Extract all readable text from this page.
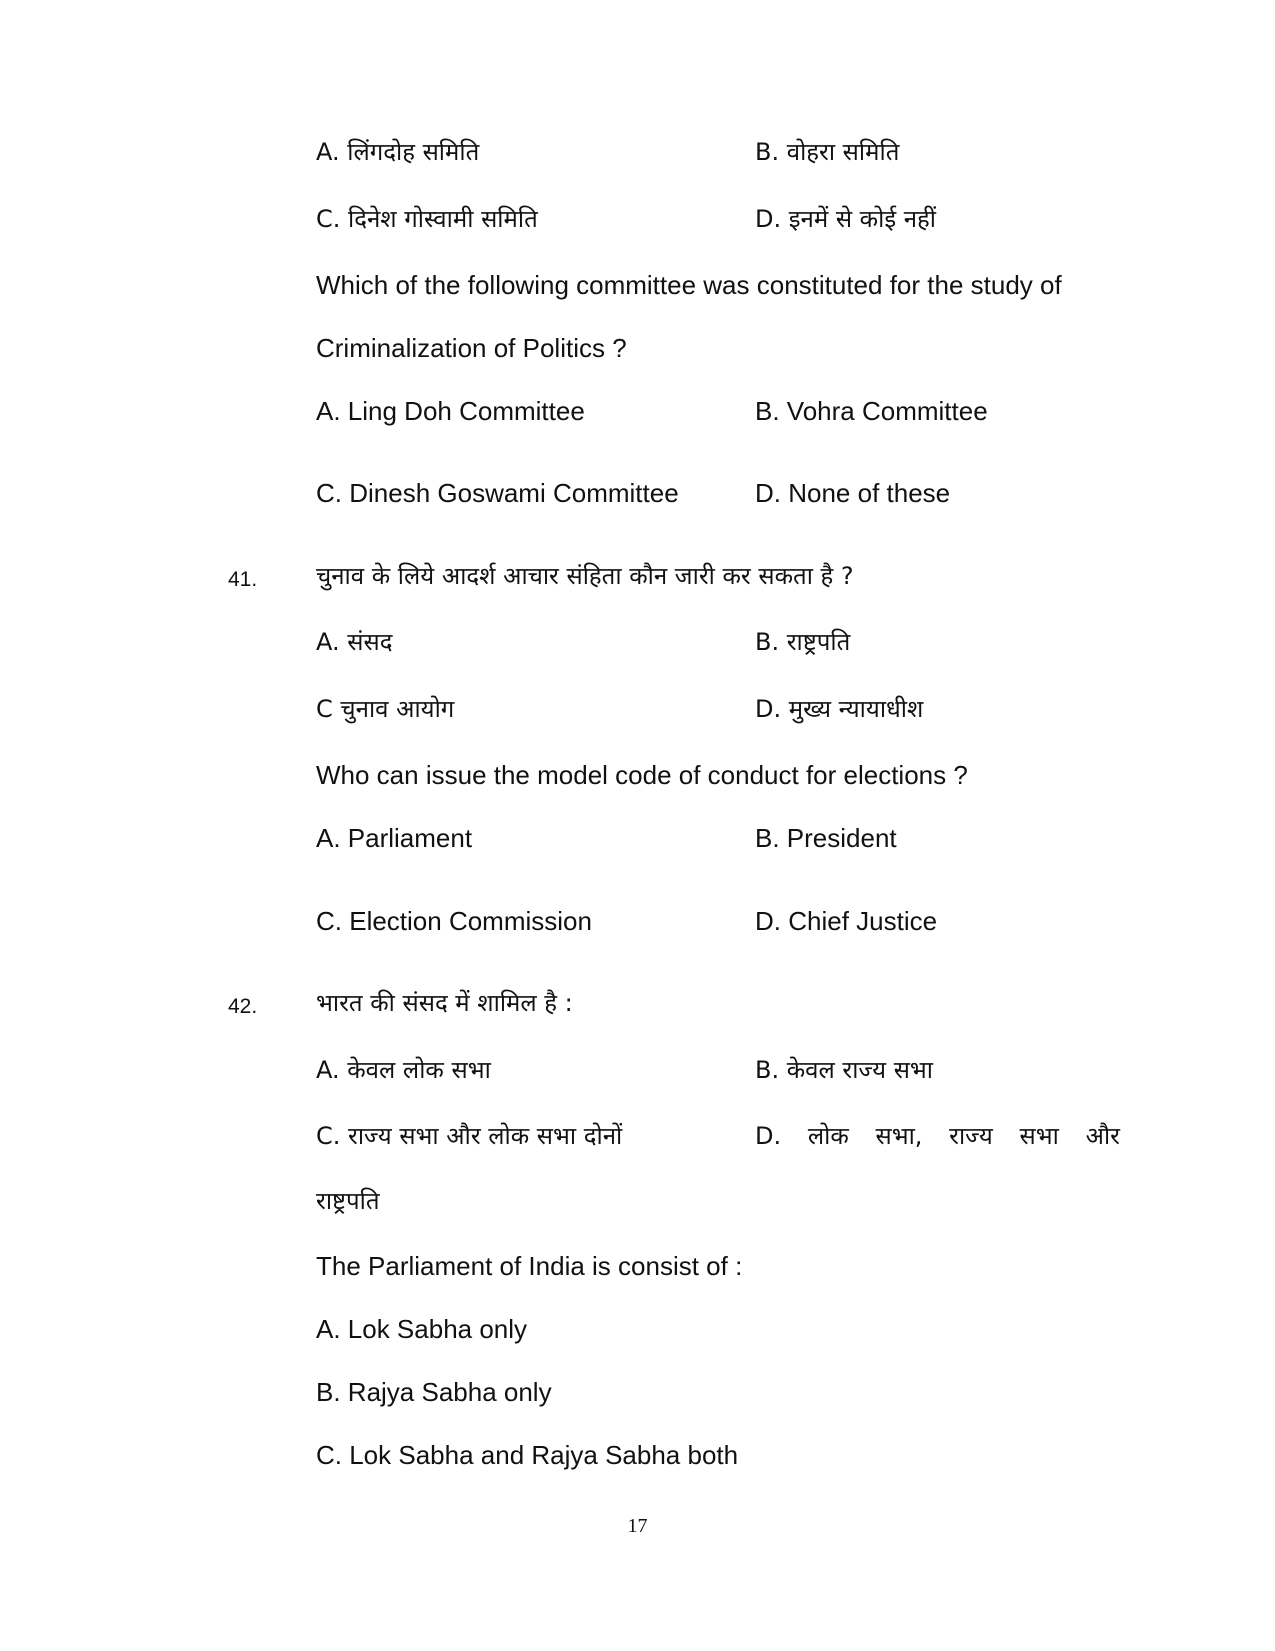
A. लिंगदोह समिति	B. वोहरा समिति
C. दिनेश गोस्वामी समिति	D. इनमें से कोई नहीं
Which of the following committee was constituted for the study of
Criminalization of Politics ?
A. Ling Doh Committee	B. Vohra Committee
C. Dinesh Goswami Committee	D. None of these
41. चुनाव के लिये आदर्श आचार संहिता कौन जारी कर सकता है ?
A. संसद	B. राष्ट्रपति
C चुनाव आयोग	D. मुख्य न्यायाधीश
Who can issue the model code of conduct for elections ?
A. Parliament	B. President
C. Election Commission	D. Chief Justice
42. भारत की संसद में शामिल है :
A. केवल लोक सभा	B. केवल राज्य सभा
C. राज्य सभा और लोक सभा दोनों	D. लोक सभा, राज्य सभा और
राष्ट्रपति
The Parliament of India is consist of :
A. Lok Sabha only
B. Rajya Sabha only
C. Lok Sabha and Rajya Sabha both
17
